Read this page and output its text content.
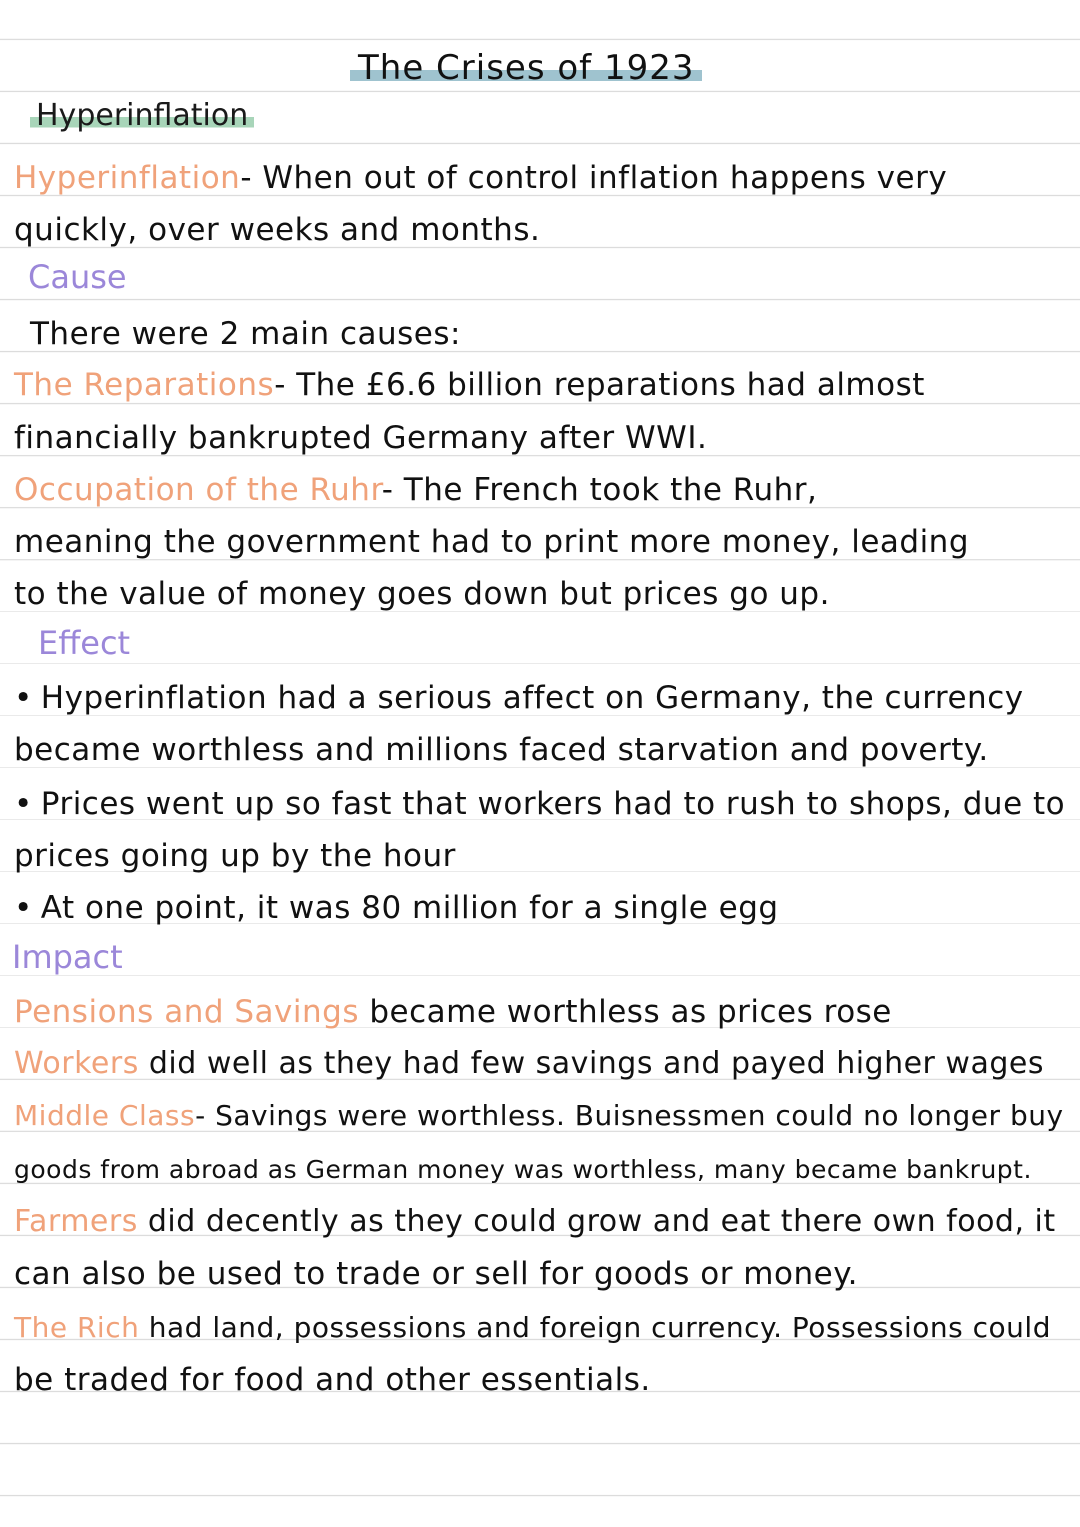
The Crises of 1923
Hyperinflation
Hyperinflation- When out of control inflation happens very
quickly, over weeks and months.
Cause
There were 2 main causes:
The Reparations- The £6.6 billion reparations had almost
financially bankrupted Germany after WWI.
Occupation of the Ruhr- The French took the Ruhr,
meaning the government had to print more money, leading
to the value of money goes down but prices go up.
Effect
• Hyperinflation had a serious affect on Germany, the currency
became worthless and millions faced starvation and poverty.
• Prices went up so fast that workers had to rush to shops, due to
prices going up by the hour
• At one point, it was 80 million for a single egg
Impact
Pensions and Savings became worthless as prices rose
Workers did well as they had few savings and payed higher wages
Middle Class- Savings were worthless. Buisnessmen could no longer buy
goods from abroad as German money was worthless, many became bankrupt.
Farmers did decently as they could grow and eat there own food, it
can also be used to trade or sell for goods or money.
The Rich had land, possessions and foreign currency. Possessions could
be traded for food and other essentials.
